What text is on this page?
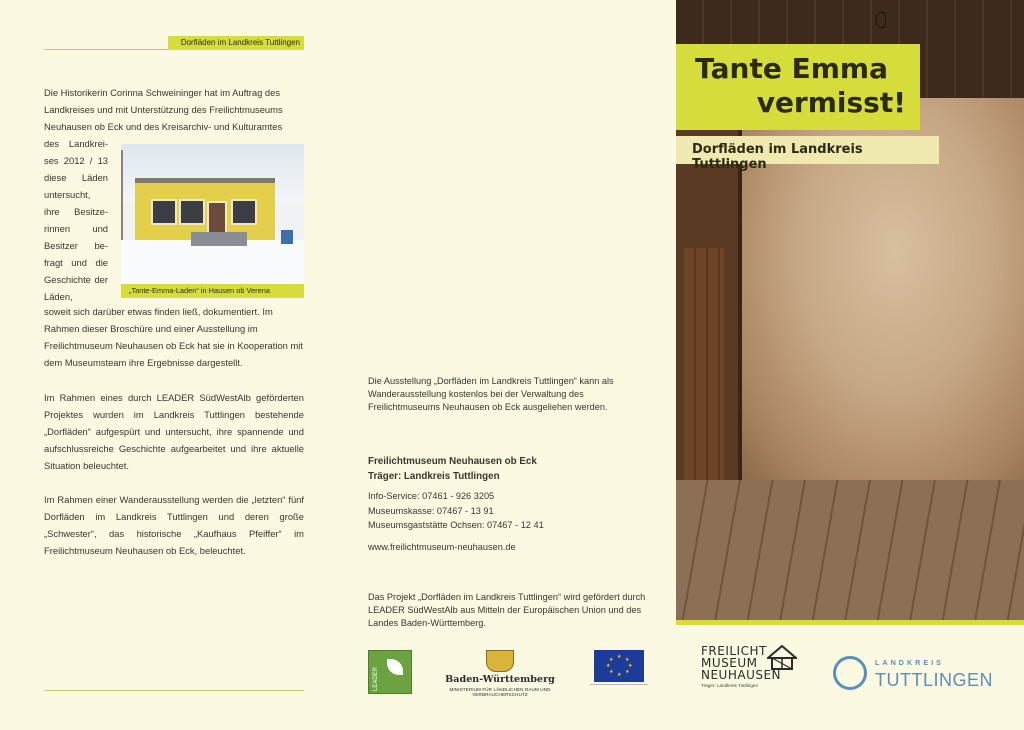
Dorfläden im Landkreis Tuttlingen

Die Historikerin Corinna Schweininger hat im Auftrag des Landkreises und mit Unterstützung des Freilichtmuseums Neuhausen ob Eck und des Kreisarchiv- und Kulturamtes

des Landkrei-ses 2012 / 13 diese Läden untersucht, ihre Besitze-rinnen und Besitzer be-fragt und die Geschichte der Läden,
soweit sich darüber etwas finden ließ, dokumentiert. Im Rahmen dieser Broschüre und einer Ausstellung im Freilichtmuseum Neuhausen ob Eck hat sie in Kooperation mit dem Museumsteam ihre Ergebnisse dargestellt.
„Tante-Emma-Laden“ in Hausen ob Verena
Im Rahmen eines durch LEADER SüdWestAlb geförderten Projektes wurden im Landkreis Tuttlingen bestehende „Dorfläden“ aufgespürt und untersucht, ihre spannende und aufschlussreiche Geschichte aufgearbeitet und ihre aktuelle Situation beleuchtet.
Im Rahmen einer Wanderausstellung werden die „letzten“ fünf Dorfläden im Landkreis Tuttlingen und deren große „Schwester“, das historische „Kaufhaus Pfeiffer“ im Freilichtmuseum Neuhausen ob Eck, beleuchtet.
Die Ausstellung „Dorfläden im Landkreis Tuttlingen“ kann als Wanderausstellung kostenlos bei der Verwaltung des Freilichtmuseums Neuhausen ob Eck ausgeliehen werden.
Freilichtmuseum Neuhausen ob Eck
Träger: Landkreis Tuttlingen
Info-Service: 07461 - 926 3205
Museumskasse: 07467 - 13 91
Museumsgaststätte Ochsen: 07467 - 12 41
www.freilichtmuseum-neuhausen.de
Das Projekt „Dorfläden im Landkreis Tuttlingen“ wird gefördert durch LEADER SüdWestAlb aus Mitteln der Europäischen Union und des Landes Baden-Württemberg.
LEADER	Baden-Württemberg
MINISTERIUM FÜR LÄNDLICHEN RAUM UND VERBRAUCHERSCHUTZ
★ ★
★
★
★
★
★
★
Tante Emma
vermisst!
Dorfläden im Landkreis Tuttlingen
FREILICHT
MUSEUM
NEUHAUSEN
Träger: Landkreis Tuttlingen
LANDKREIS
TUTTLINGEN
